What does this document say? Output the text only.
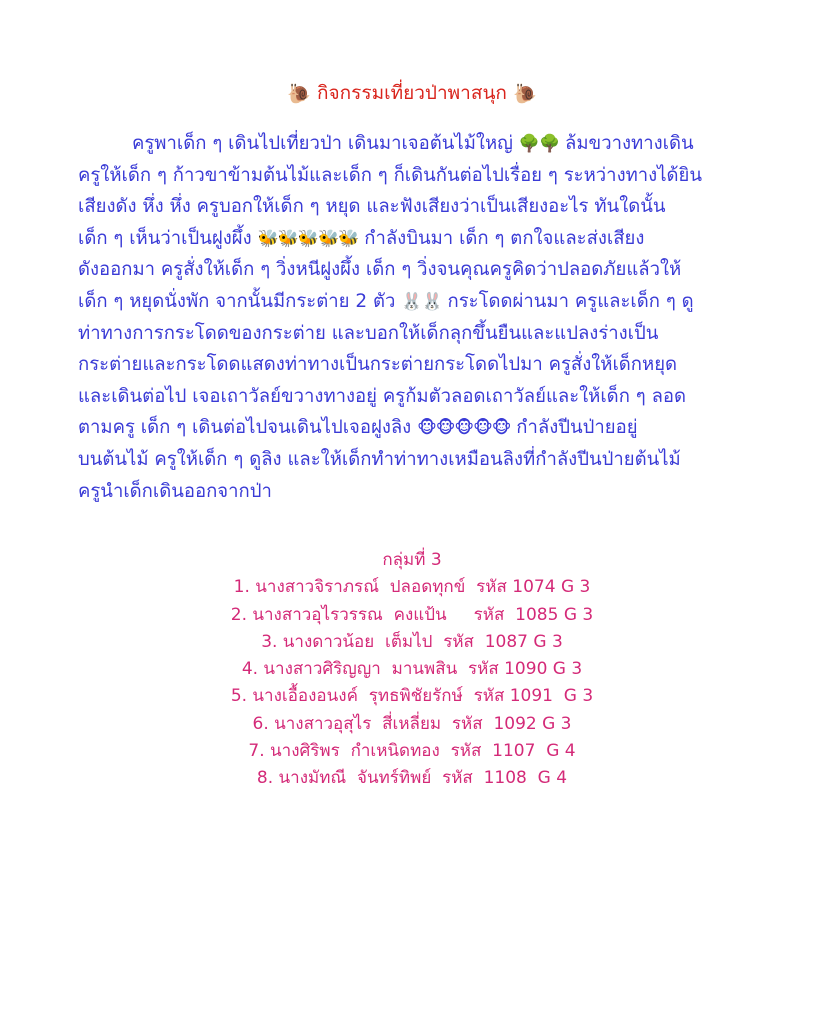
🐌 กิจกรรมเที่ยวป่าพาสนุก 🐌
ครูพาเด็ก ๆ เดินไปเที่ยวป่า เดินมาเจอต้นไม้ใหญ่ 🌳🌳 ล้มขวางทางเดิน
ครูให้เด็ก ๆ ก้าวขาข้ามต้นไม้และเด็ก ๆ ก็เดินกันต่อไปเรื่อย ๆ ระหว่างทางได้ยิน
เสียงดัง หึ่ง หึ่ง ครูบอกให้เด็ก ๆ หยุด และฟังเสียงว่าเป็นเสียงอะไร ทันใดนั้น
เด็ก ๆ เห็นว่าเป็นฝูงผึ้ง 🐝🐝🐝🐝🐝 กำลังบินมา เด็ก ๆ ตกใจและส่งเสียง
ดังออกมา ครูสั่งให้เด็ก ๆ วิ่งหนีฝูงผึ้ง เด็ก ๆ วิ่งจนคุณครูคิดว่าปลอดภัยแล้วให้
เด็ก ๆ หยุดนั่งพัก จากนั้นมีกระต่าย 2 ตัว 🐰🐰 กระโดดผ่านมา ครูและเด็ก ๆ ดู
ท่าทางการกระโดดของกระต่าย และบอกให้เด็กลุกขึ้นยืนและแปลงร่างเป็น
กระต่ายและกระโดดแสดงท่าทางเป็นกระต่ายกระโดดไปมา ครูสั่งให้เด็กหยุด
และเดินต่อไป เจอเถาวัลย์ขวางทางอยู่ ครูก้มตัวลอดเถาวัลย์และให้เด็ก ๆ ลอด
ตามครู เด็ก ๆ เดินต่อไปจนเดินไปเจอฝูงลิง 🐵🐵🐵🐵🐵 กำลังปีนป่ายอยู่
บนต้นไม้ ครูให้เด็ก ๆ ดูลิง และให้เด็กทำท่าทางเหมือนลิงที่กำลังปีนป่ายต้นไม้
ครูนำเด็กเดินออกจากป่า
กลุ่มที่ 3
1. นางสาวจิราภรณ์  ปลอดทุกข์  รหัส 1074 G 3
2. นางสาวอุไรวรรณ  คงแป้น     รหัส  1085 G 3
3. นางดาวน้อย  เต็มไป  รหัส  1087 G 3
4. นางสาวศิริญญา  มานพสิน  รหัส 1090 G 3
5. นางเอื้องอนงค์  รุทธพิชัยรักษ์  รหัส 1091  G 3
6. นางสาวอุสุไร  สี่เหลี่ยม  รหัส  1092 G 3
7. นางศิริพร  กำเหนิดทอง  รหัส  1107  G 4
8. นางมัทณี  จันทร์ทิพย์  รหัส  1108  G 4
